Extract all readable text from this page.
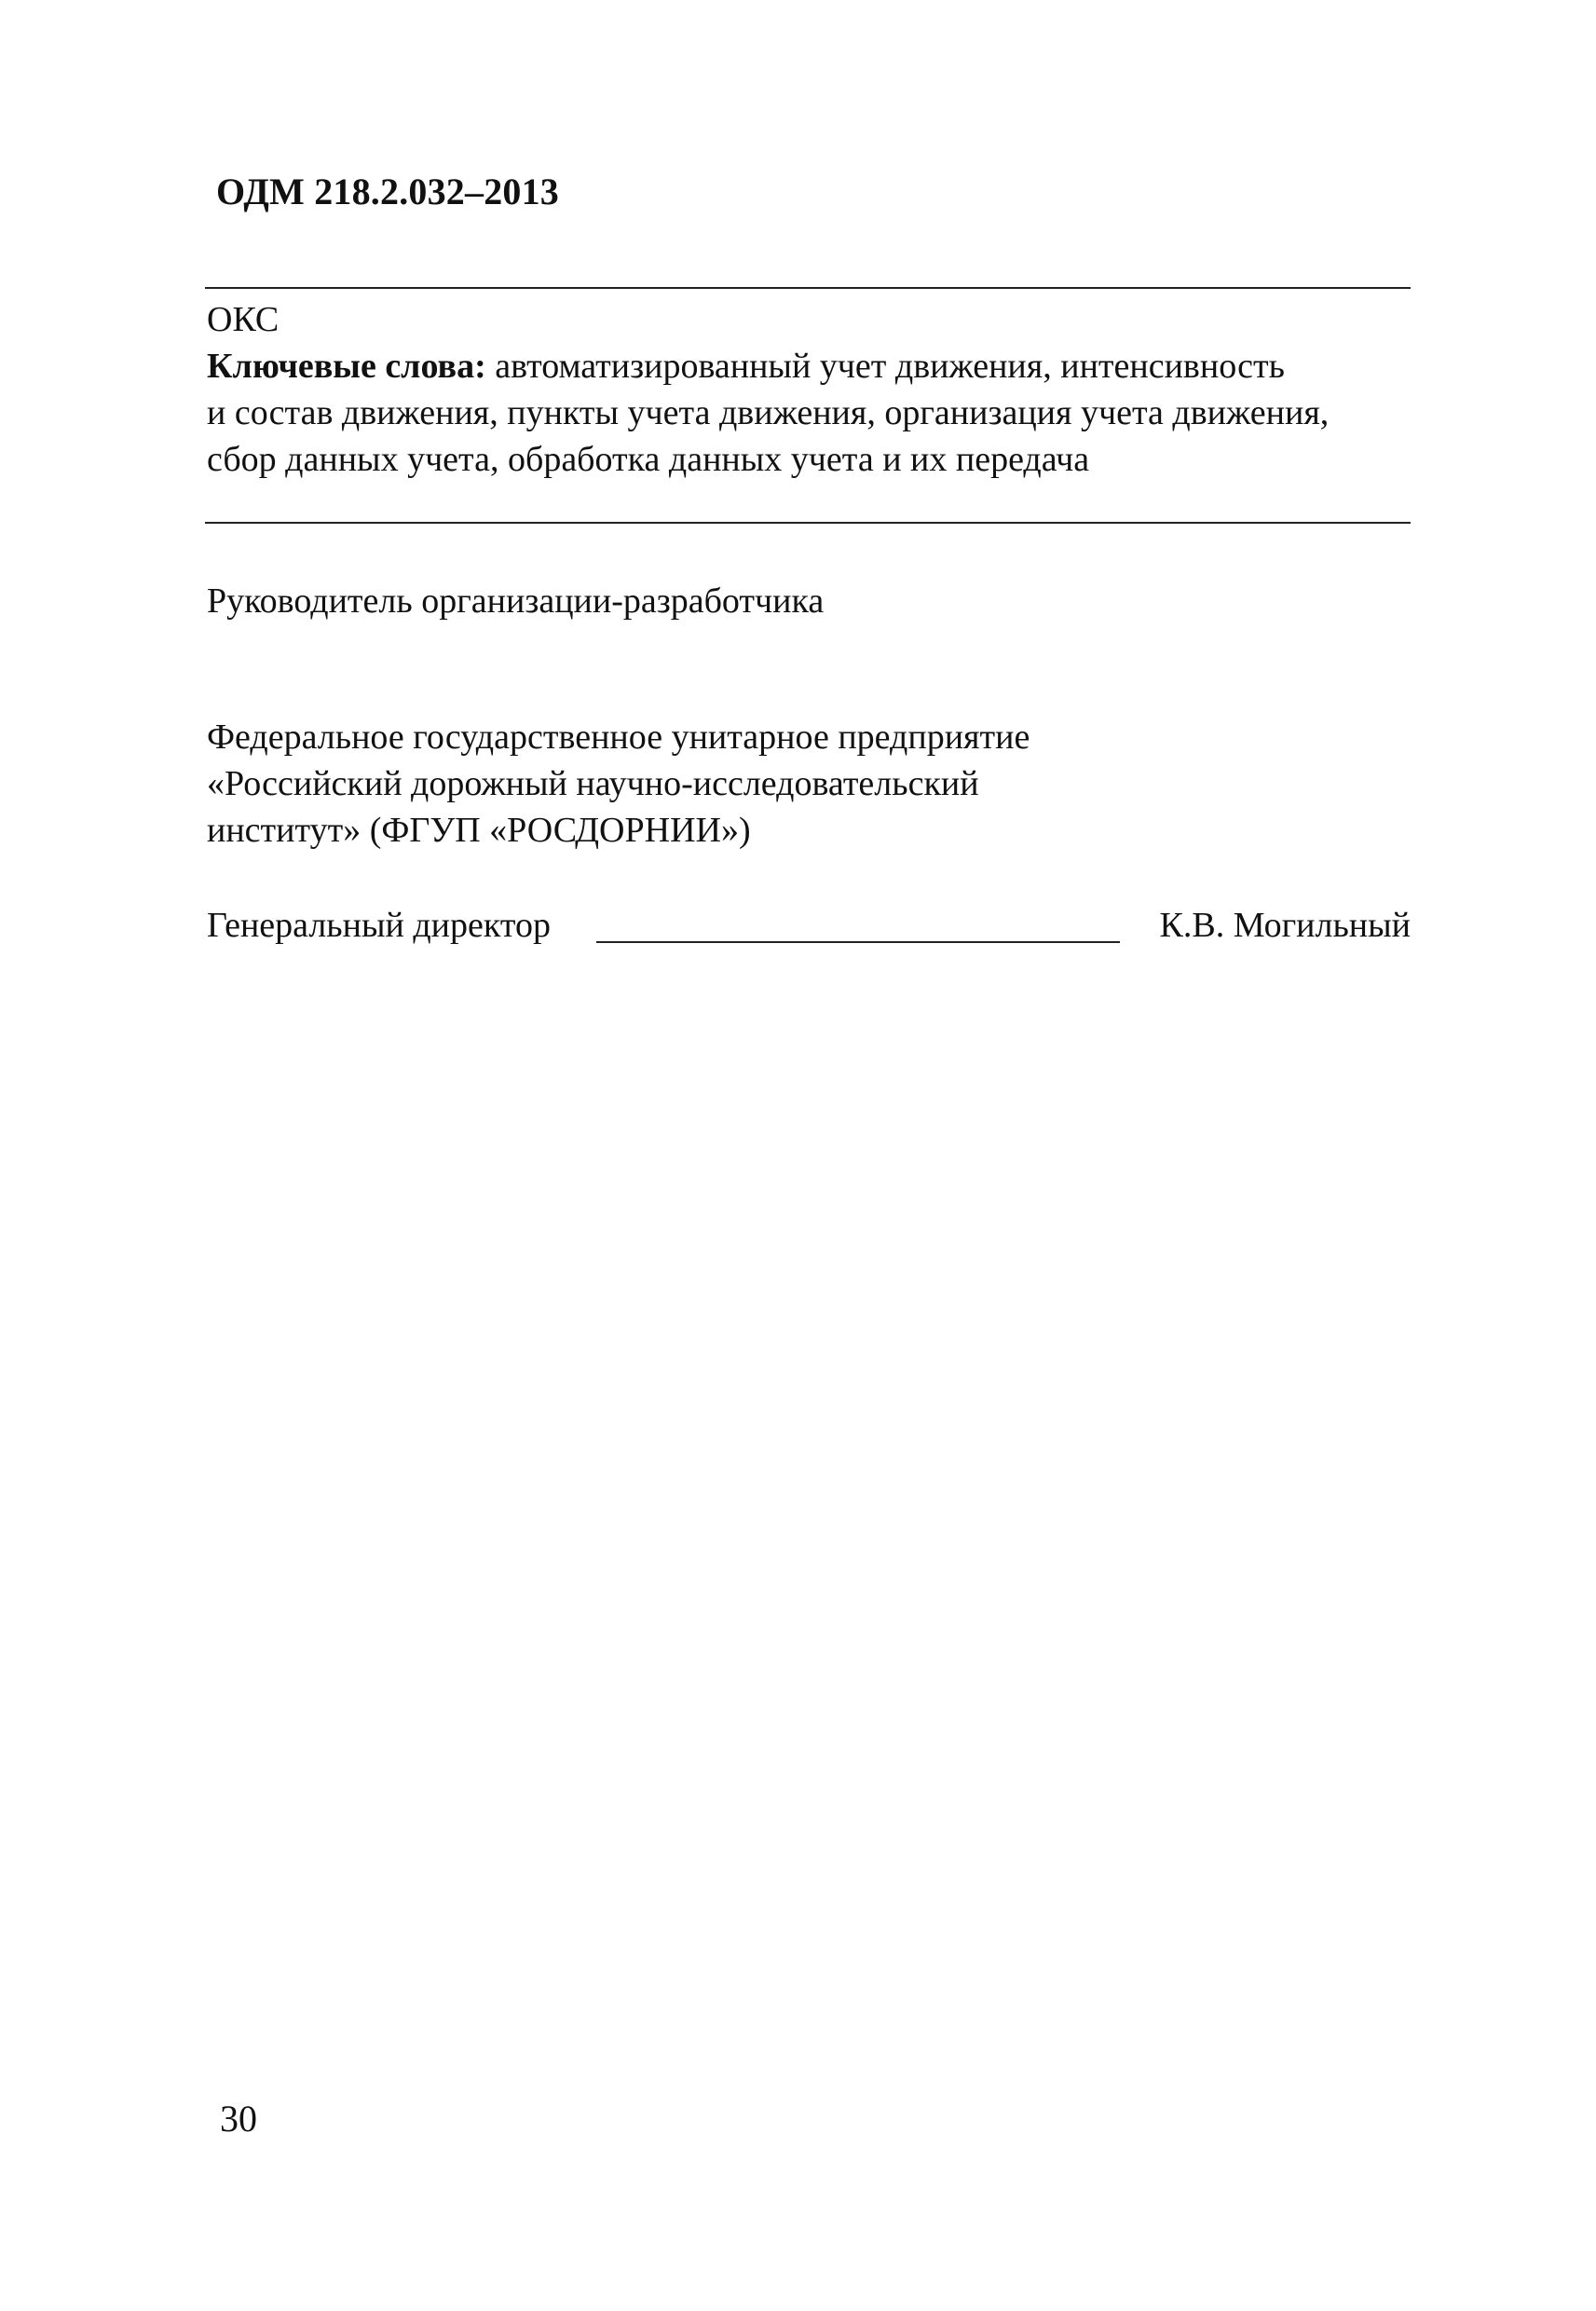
ОДМ 218.2.032–2013
ОКС
Ключевые слова: автоматизированный учет движения, интенсивность
и состав движения, пункты учета движения, организация учета движения,
сбор данных учета, обработка данных учета и их передача
Руководитель организации-разработчика
Федеральное государственное унитарное предприятие
«Российский дорожный научно-исследовательский
институт» (ФГУП «РОСДОРНИИ»)
Генеральный директор	К.В. Могильный
30
